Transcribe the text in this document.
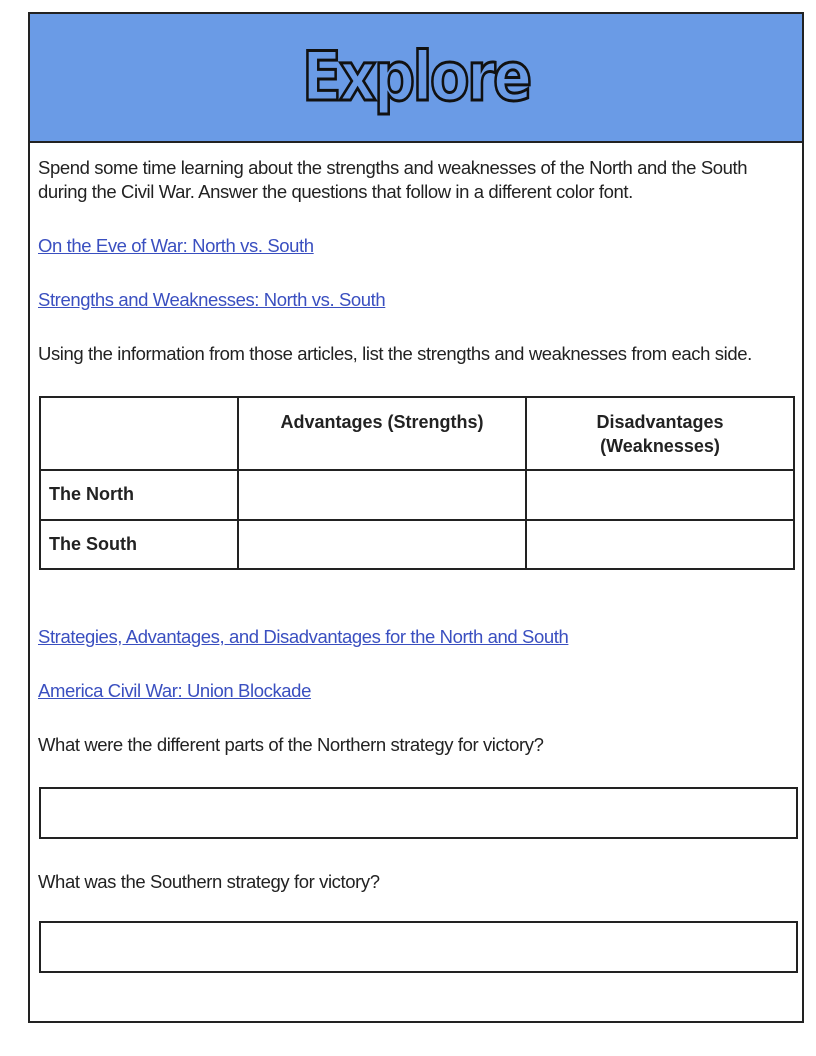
Explore
Spend some time learning about the strengths and weaknesses of the North and the South during the Civil War. Answer the questions that follow in a different color font.
On the Eve of War: North vs. South
Strengths and Weaknesses: North vs. South
Using the information from those articles, list the strengths and weaknesses from each side.
	Advantages (Strengths)	Disadvantages (Weaknesses)
The North		
The South		
Strategies, Advantages, and Disadvantages for the North and South
America Civil War: Union Blockade
What were the different parts of the Northern strategy for victory?
What was the Southern strategy for victory?
